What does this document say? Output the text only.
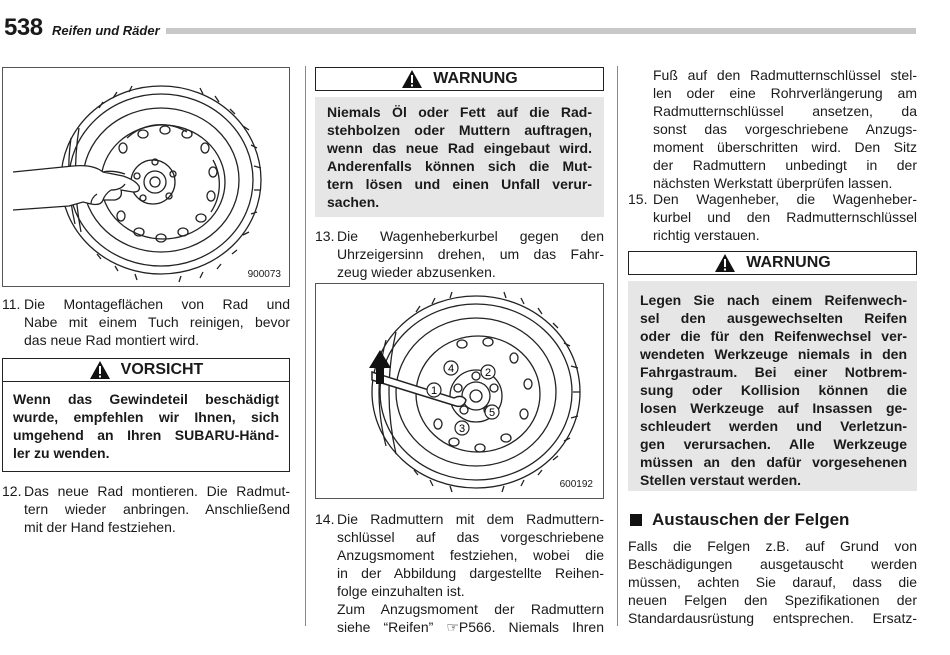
538 Reifen und Räder
900073
11. Die Montageflächen von Rad und
Nabe mit einem Tuch reinigen, bevor
das neue Rad montiert wird.
VORSICHT
Wenn das Gewindeteil beschädigt
wurde, empfehlen wir Ihnen, sich
umgehend an Ihren SUBARU-Händ-
ler zu wenden.
12. Das neue Rad montieren. Die Radmut-
tern wieder anbringen. Anschließend
mit der Hand festziehen.
WARNUNG
Niemals Öl oder Fett auf die Rad-
stehbolzen oder Muttern auftragen,
wenn das neue Rad eingebaut wird.
Anderenfalls können sich die Mut-
tern lösen und einen Unfall verur-
sachen.
13. Die Wagenheberkurbel gegen den
Uhrzeigersinn drehen, um das Fahr-
zeug wieder abzusenken.
4	2
1
5
3
600192
14. Die Radmuttern mit dem Radmuttern-
schlüssel auf das vorgeschriebene
Anzugsmoment festziehen, wobei die
in der Abbildung dargestellte Reihen-
folge einzuhalten ist.
Zum Anzugsmoment der Radmuttern
siehe “Reifen” ☞P566. Niemals Ihren
Fuß auf den Radmutternschlüssel stel-
len oder eine Rohrverlängerung am
Radmutternschlüssel ansetzen, da
sonst das vorgeschriebene Anzugs-
moment überschritten wird. Den Sitz
der Radmuttern unbedingt in der
nächsten Werkstatt überprüfen lassen.
15. Den Wagenheber, die Wagenheber-
kurbel und den Radmutternschlüssel
richtig verstauen.
WARNUNG
Legen Sie nach einem Reifenwech-
sel den ausgewechselten Reifen
oder die für den Reifenwechsel ver-
wendeten Werkzeuge niemals in den
Fahrgastraum. Bei einer Notbrem-
sung oder Kollision können die
losen Werkzeuge auf Insassen ge-
schleudert werden und Verletzun-
gen verursachen. Alle Werkzeuge
müssen an den dafür vorgesehenen
Stellen verstaut werden.
Austauschen der Felgen
Falls die Felgen z.B. auf Grund von
Beschädigungen ausgetauscht werden
müssen, achten Sie darauf, dass die
neuen Felgen den Spezifikationen der
Standardausrüstung entsprechen. Ersatz-
